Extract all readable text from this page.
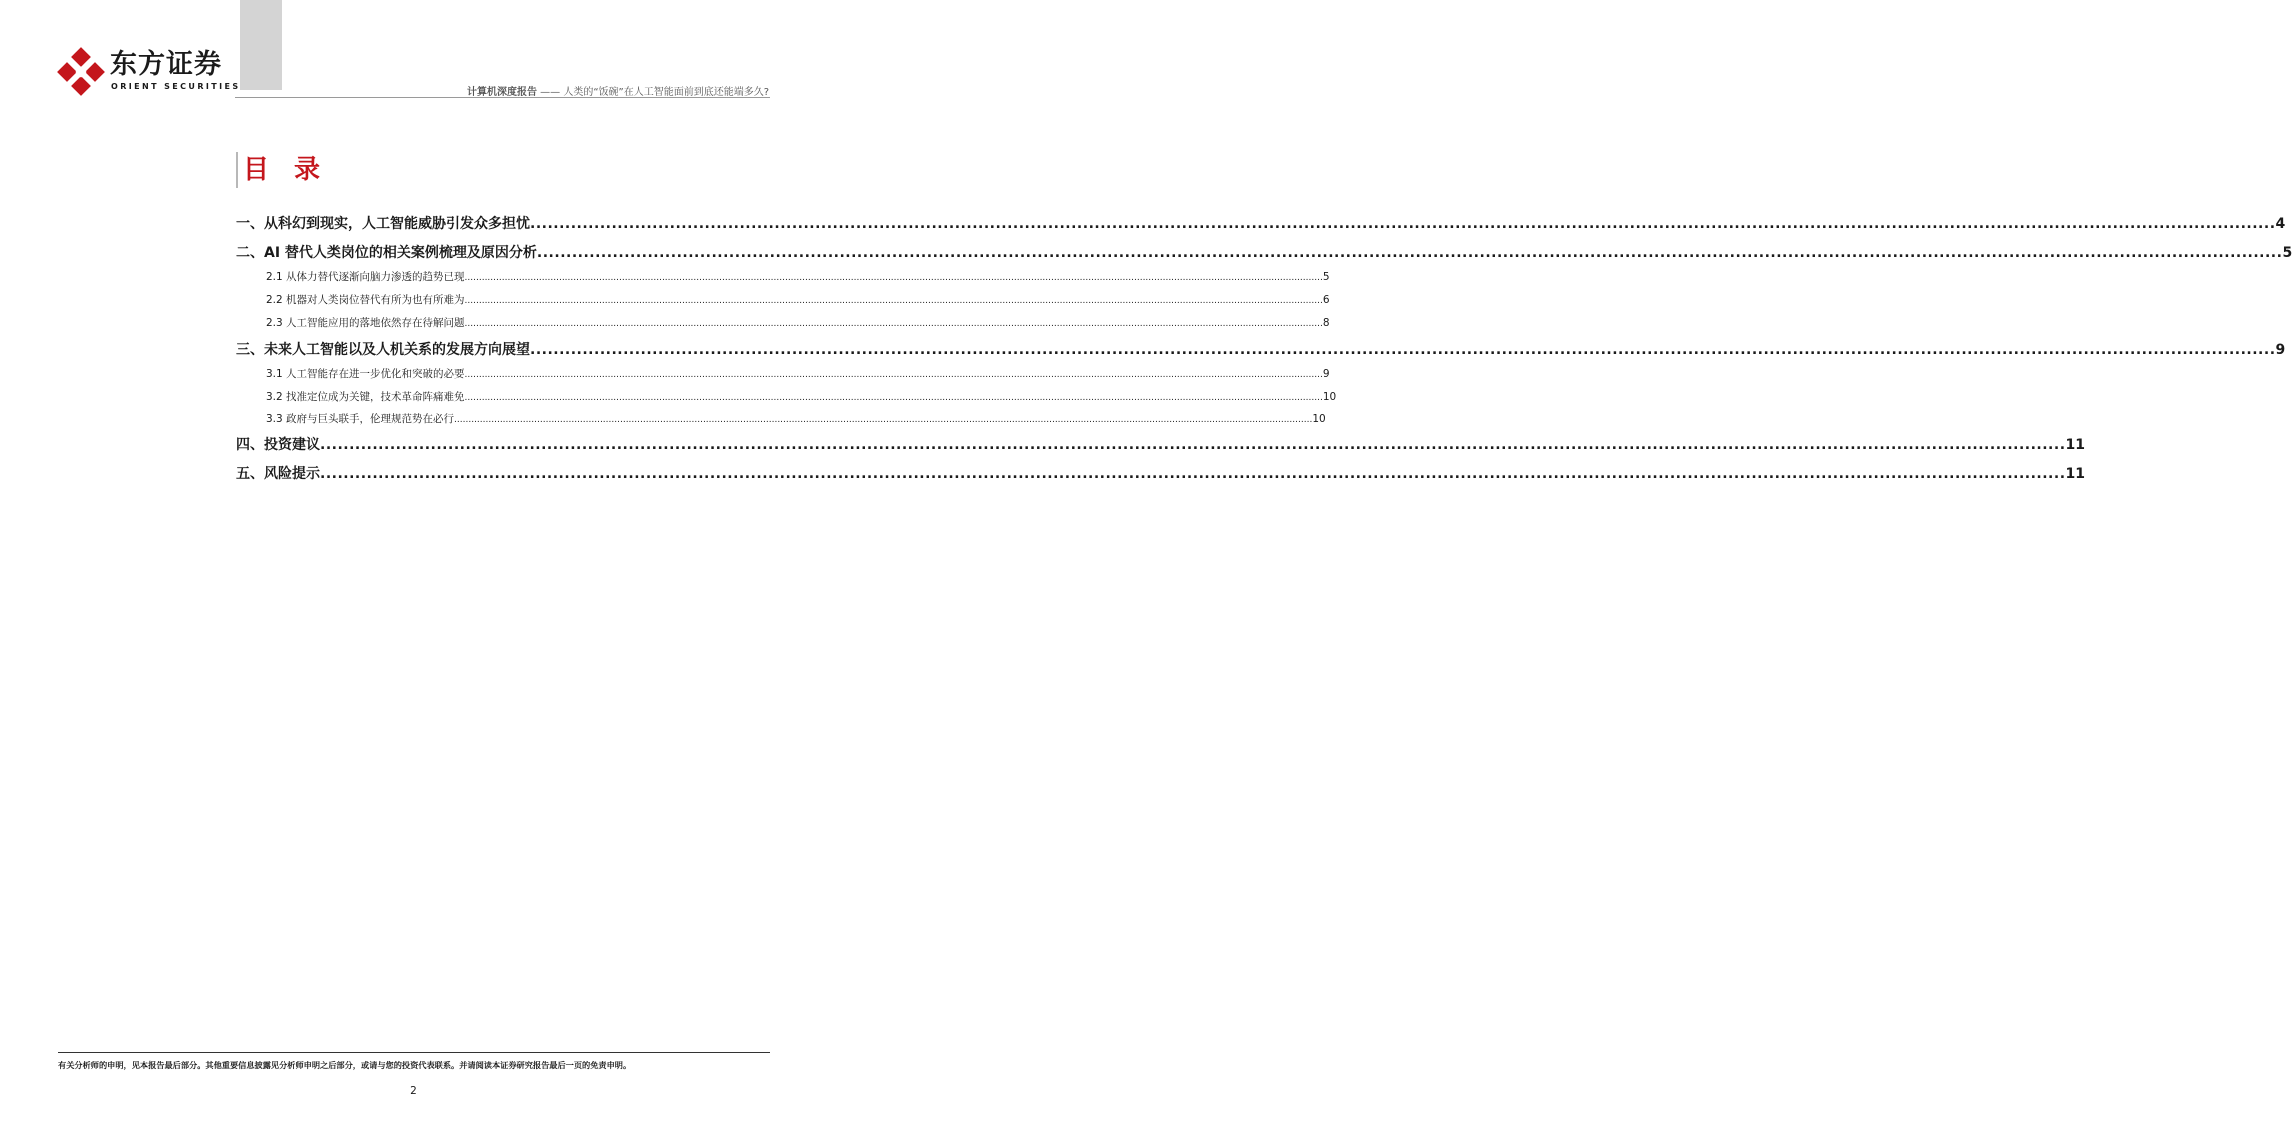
东方证券
ORIENT SECURITIES
计算机深度报告 —— 人类的“饭碗”在人工智能面前到底还能端多久?
目 录
一、从科幻到现实，人工智能威胁引发众多担忧 ............................................................................................................................................................................................................................................................................................................ 4
二、AI 替代人类岗位的相关案例梳理及原因分析 ............................................................................................................................................................................................................................................................................................................ 5
2.1 从体力替代逐渐向脑力渗透的趋势已现 ............................................................................................................................................................................................................................................................................................................ 5
2.2 机器对人类岗位替代有所为也有所难为 ............................................................................................................................................................................................................................................................................................................ 6
2.3 人工智能应用的落地依然存在待解问题 ............................................................................................................................................................................................................................................................................................................ 8
三、未来人工智能以及人机关系的发展方向展望 ............................................................................................................................................................................................................................................................................................................ 9
3.1 人工智能存在进一步优化和突破的必要 ............................................................................................................................................................................................................................................................................................................ 9
3.2 找准定位成为关键，技术革命阵痛难免 ............................................................................................................................................................................................................................................................................................................ 10
3.3 政府与巨头联手，伦理规范势在必行 ............................................................................................................................................................................................................................................................................................................ 10
四、投资建议 ............................................................................................................................................................................................................................................................................................................ 11
五、风险提示 ............................................................................................................................................................................................................................................................................................................ 11
有关分析师的申明，见本报告最后部分。其他重要信息披露见分析师申明之后部分，或请与您的投资代表联系。并请阅读本证券研究报告最后一页的免责申明。
2
